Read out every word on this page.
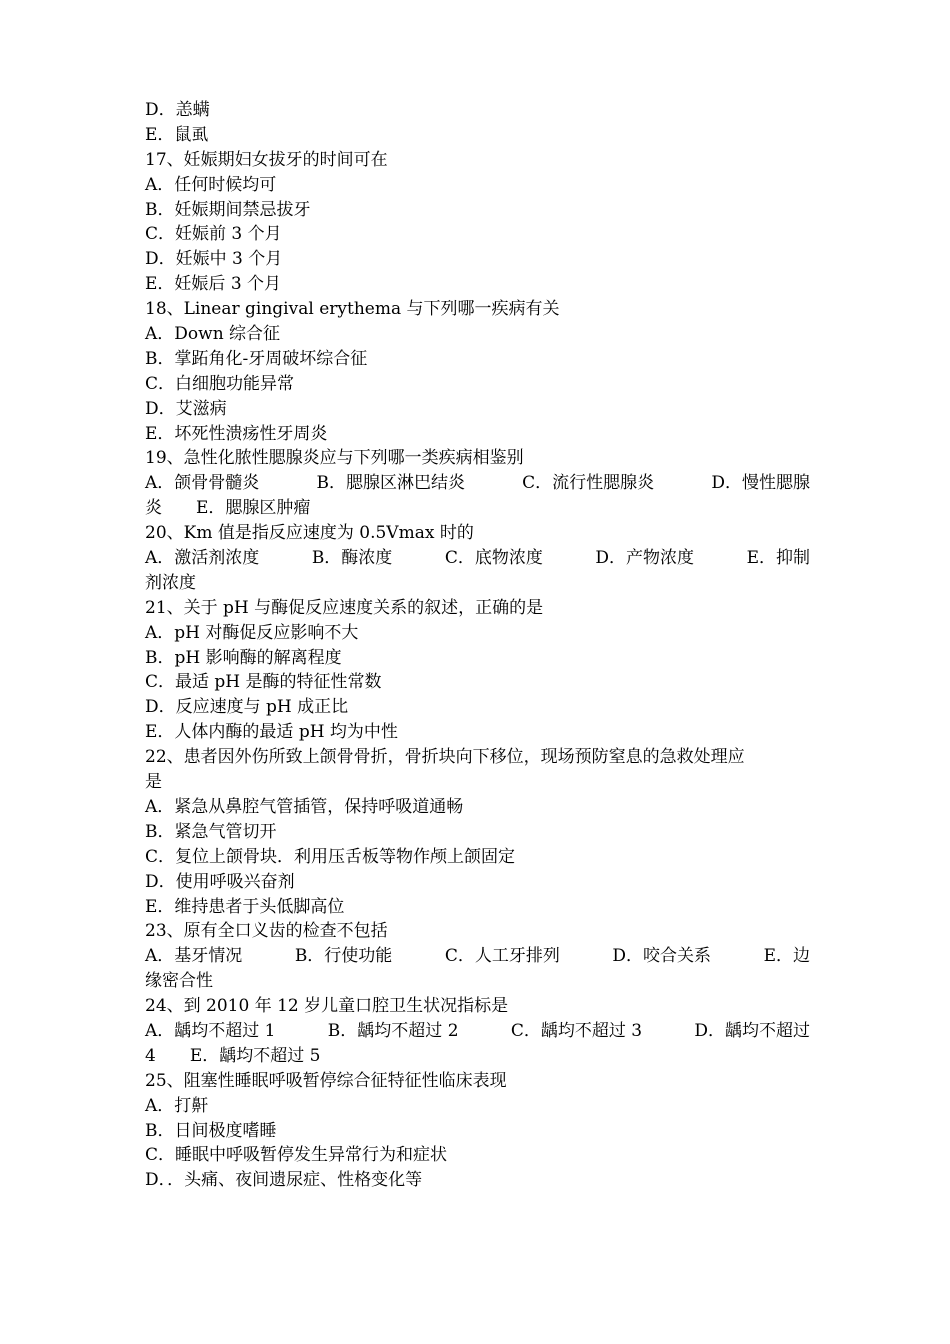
D．恙螨
E．鼠虱
17、妊娠期妇女拔牙的时间可在
A．任何时候均可
B．妊娠期间禁忌拔牙
C．妊娠前 3 个月
D．妊娠中 3 个月
E．妊娠后 3 个月
18、Linear gingival erythema 与下列哪一疾病有关
A．Down 综合征
B．掌跖角化-牙周破坏综合征
C．白细胞功能异常
D．艾滋病
E．坏死性溃疡性牙周炎
19、急性化脓性腮腺炎应与下列哪一类疾病相鉴别
A．颌骨骨髓炎	B．腮腺区淋巴结炎	C．流行性腮腺炎	D．慢性腮腺
炎　　E．腮腺区肿瘤
20、Km 值是指反应速度为 0.5Vmax 时的
A．激活剂浓度	B．酶浓度	C．底物浓度	D．产物浓度	E．抑制
剂浓度
21、关于 pH 与酶促反应速度关系的叙述，正确的是
A．pH 对酶促反应影响不大
B．pH 影响酶的解离程度
C．最适 pH 是酶的特征性常数
D．反应速度与 pH 成正比
E．人体内酶的最适 pH 均为中性
22、患者因外伤所致上颌骨骨折，骨折块向下移位，现场预防窒息的急救处理应
是
A．紧急从鼻腔气管插管，保持呼吸道通畅
B．紧急气管切开
C．复位上颌骨块．利用压舌板等物作颅上颌固定
D．使用呼吸兴奋剂
E．维持患者于头低脚高位
23、原有全口义齿的检查不包括
A．基牙情况	B．行使功能	C．人工牙排列	D．咬合关系	E．边
缘密合性
24、到 2010 年 12 岁儿童口腔卫生状况指标是
A．龋均不超过 1	B．龋均不超过 2	C．龋均不超过 3	D．龋均不超过
4　　E．龋均不超过 5
25、阻塞性睡眠呼吸暂停综合征特征性临床表现
A．打鼾
B．日间极度嗜睡
C．睡眠中呼吸暂停发生异常行为和症状
D．．头痛、夜间遗尿症、性格变化等
